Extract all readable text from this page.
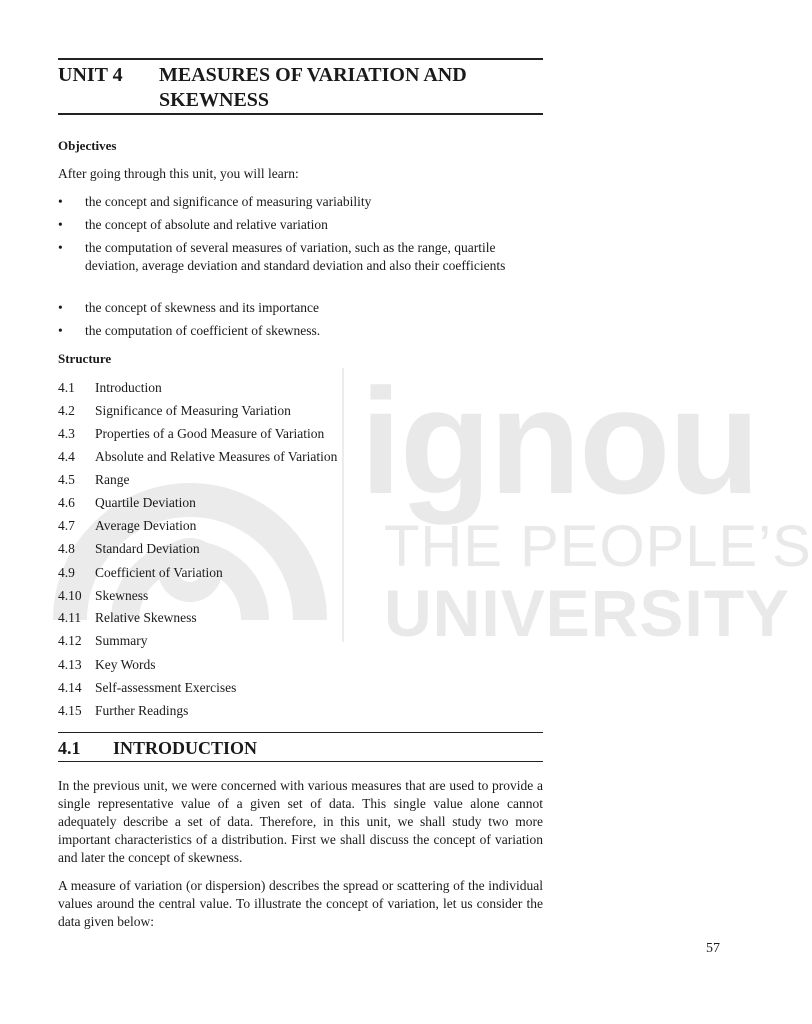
ignou
THE PEOPLE’S
UNIVERSITY
UNIT 4	MEASURES OF VARIATION AND
SKEWNESS
Objectives
After going through this unit, you will learn:
• the concept and significance of measuring variability
• the concept of absolute and relative variation
• the computation of several measures of variation, such as the range, quartile deviation, average deviation and standard deviation and also their coefficients
• the concept of skewness and its importance
• the computation of coefficient of skewness.
Structure
4.1	Introduction
4.2	Significance of Measuring Variation
4.3	Properties of a Good Measure of Variation
4.4	Absolute and Relative Measures of Variation
4.5	Range
4.6	Quartile Deviation
4.7	Average Deviation
4.8	Standard Deviation
4.9	Coefficient of Variation
4.10 Skewness
4.11	Relative Skewness
4.12 Summary
4.13 Key Words
4.14 Self-assessment Exercises
4.15 Further Readings
4.1 INTRODUCTION
In the previous unit, we were concerned with various measures that are used to provide a single representative value of a given set of data. This single value alone cannot adequately describe a set of data. Therefore, in this unit, we shall study two more important characteristics of a distribution. First we shall discuss the concept of variation and later the concept of skewness.
A measure of variation (or dispersion) describes the spread or scattering of the individual values around the central value. To illustrate the concept of variation, let us consider the data given below:
57
